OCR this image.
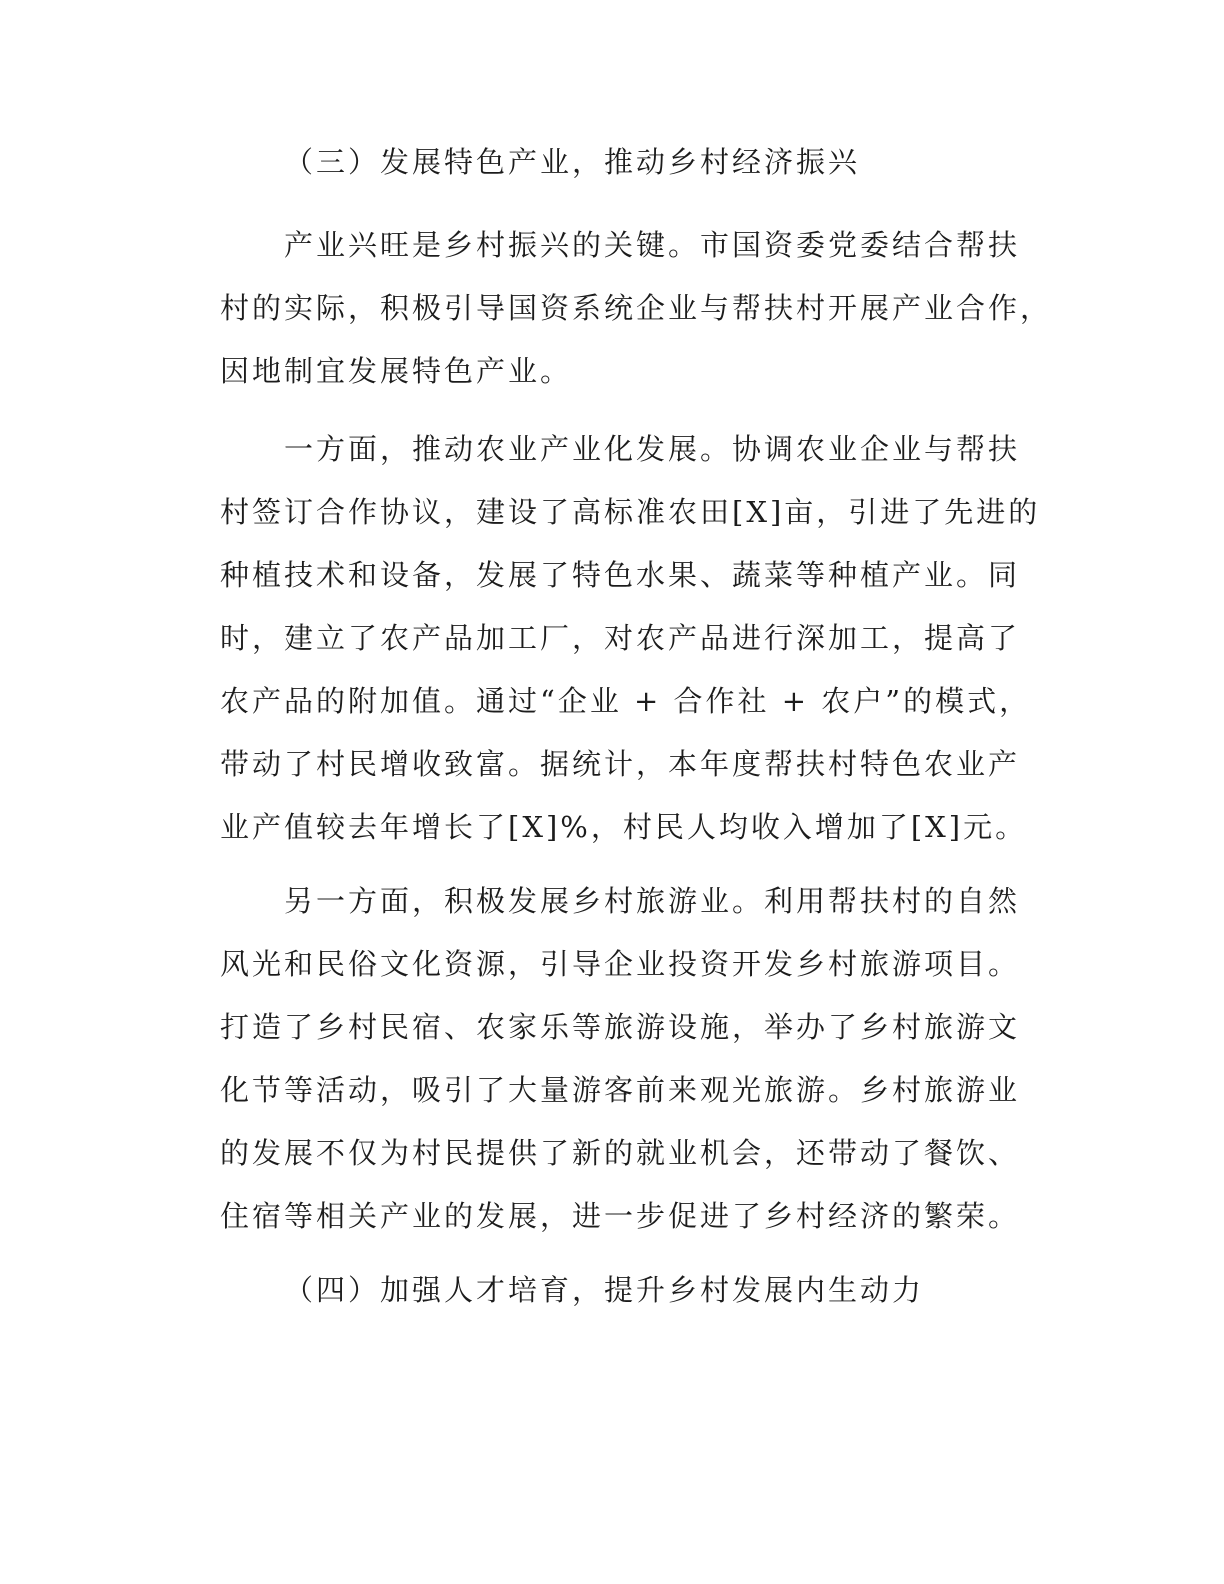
（三）发展特色产业，推动乡村经济振兴
产业兴旺是乡村振兴的关键。市国资委党委结合帮扶
村的实际，积极引导国资系统企业与帮扶村开展产业合作，
因地制宜发展特色产业。
一方面，推动农业产业化发展。协调农业企业与帮扶
村签订合作协议，建设了高标准农田[X]亩，引进了先进的
种植技术和设备，发展了特色水果、蔬菜等种植产业。同
时，建立了农产品加工厂，对农产品进行深加工，提高了
农产品的附加值。通过“企业 + 合作社 + 农户”的模式，
带动了村民增收致富。据统计，本年度帮扶村特色农业产
业产值较去年增长了[X]%，村民人均收入增加了[X]元。
另一方面，积极发展乡村旅游业。利用帮扶村的自然
风光和民俗文化资源，引导企业投资开发乡村旅游项目。
打造了乡村民宿、农家乐等旅游设施，举办了乡村旅游文
化节等活动，吸引了大量游客前来观光旅游。乡村旅游业
的发展不仅为村民提供了新的就业机会，还带动了餐饮、
住宿等相关产业的发展，进一步促进了乡村经济的繁荣。
（四）加强人才培育，提升乡村发展内生动力
